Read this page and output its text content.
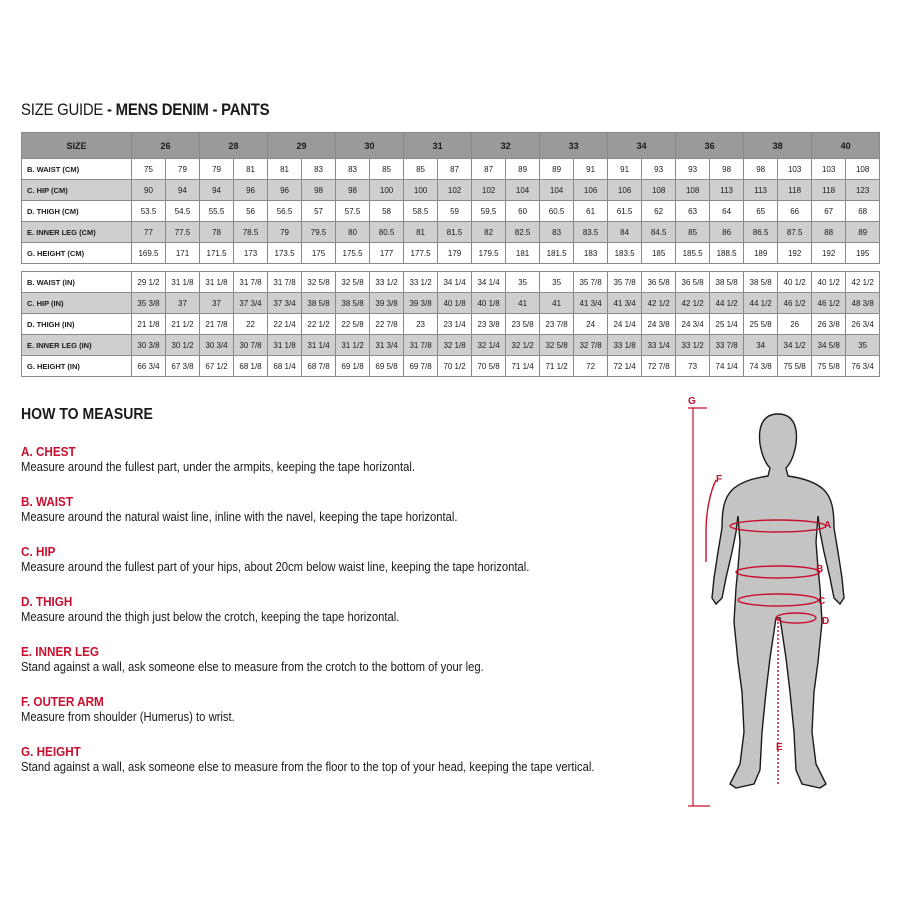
SIZE GUIDE - MENS DENIM - PANTS
SIZE	26		28		29		30		31		32		33		34		36		38		40	
B. WAIST (CM)	75	79	79	81	81	83	83	85	85	87	87	89	89	91	91	93	93	98	98	103	103	108
C. HIP (CM)	90	94	94	96	96	98	98	100	100	102	102	104	104	106	106	108	108	113	113	118	118	123
D. THIGH (CM)	53.5	54.5	55.5	56	56.5	57	57.5	58	58.5	59	59.5	60	60.5	61	61.5	62	63	64	65	66	67	68
E. INNER LEG (CM)	77	77.5	78	78.5	79	79.5	80	80.5	81	81.5	82	82.5	83	83.5	84	84.5	85	86	86.5	87.5	88	89
G. HEIGHT (CM)	169.5	171	171.5	173	173.5	175	175.5	177	177.5	179	179.5	181	181.5	183	183.5	185	185.5	188.5	189	192	192	195

B. WAIST (IN)	29 1/2	31 1/8	31 1/8	31 7/8	31 7/8	32 5/8	32 5/8	33 1/2	33 1/2	34 1/4	34 1/4	35	35	35 7/8	35 7/8	36 5/8	36 5/8	38 5/8	38 5/8	40 1/2	40 1/2	42 1/2
C. HIP (IN)	35 3/8	37	37	37 3/4	37 3/4	38 5/8	38 5/8	39 3/8	39 3/8	40 1/8	40 1/8	41	41	41 3/4	41 3/4	42 1/2	42 1/2	44 1/2	44 1/2	46 1/2	46 1/2	48 3/8
D. THIGH (IN)	21 1/8	21 1/2	21 7/8	22	22 1/4	22 1/2	22 5/8	22 7/8	23	23 1/4	23 3/8	23 5/8	23 7/8	24	24 1/4	24 3/8	24 3/4	25 1/4	25 5/8	26	26 3/8	26 3/4
E. INNER LEG (IN)	30 3/8	30 1/2	30 3/4	30 7/8	31 1/8	31 1/4	31 1/2	31 3/4	31 7/8	32 1/8	32 1/4	32 1/2	32 5/8	32 7/8	33 1/8	33 1/4	33 1/2	33 7/8	34	34 1/2	34 5/8	35
G. HEIGHT (IN)	66 3/4	67 3/8	67 1/2	68 1/8	68 1/4	68 7/8	69 1/8	69 5/8	69 7/8	70 1/2	70 5/8	71 1/4	71 1/2	72	72 1/4	72 7/8	73	74 1/4	74 3/8	75 5/8	75 5/8	76 3/4
HOW TO MEASURE
A. CHEST
Measure around the fullest part, under the armpits, keeping the tape horizontal.
B. WAIST
Measure around the natural waist line, inline with the navel, keeping the tape horizontal.
C. HIP
Measure around the fullest part of your hips, about 20cm below waist line, keeping the tape horizontal.
D. THIGH
Measure around the thigh just below the crotch, keeping the tape horizontal.
E. INNER LEG
Stand against a wall, ask someone else to measure from the crotch to the bottom of your leg.
F. OUTER ARM
Measure from shoulder (Humerus) to wrist.
G. HEIGHT
Stand against a wall, ask someone else to measure from the floor to the top of your head, keeping the tape vertical.
G
A
B
C
D
E
F
